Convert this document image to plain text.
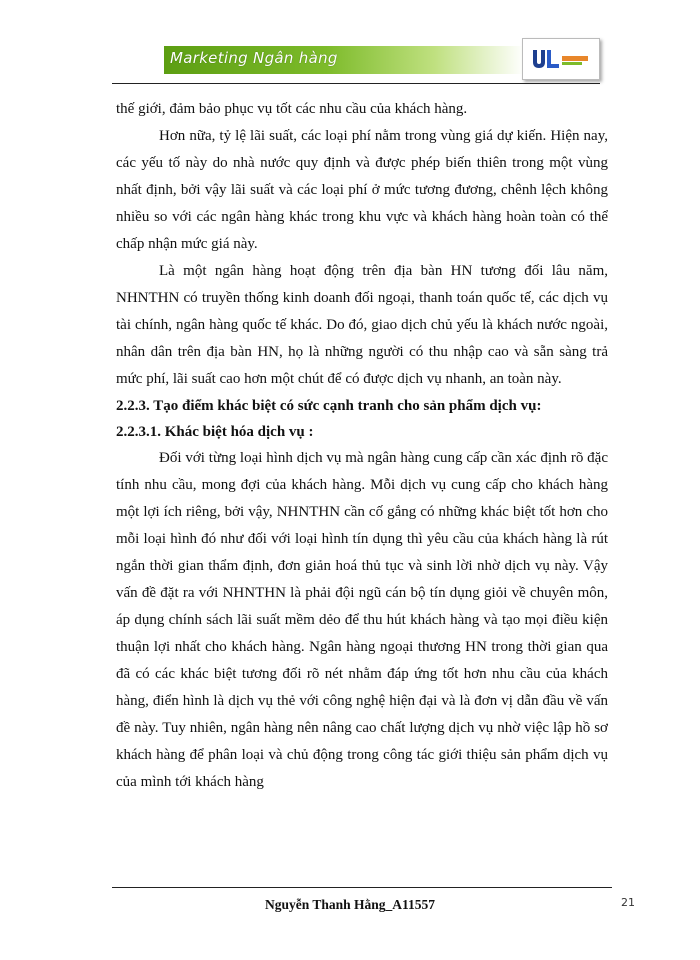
Marketing Ngân hàng

thế giới, đảm bảo phục vụ tốt các nhu cầu của khách hàng.

Hơn nữa, tỷ lệ lãi suất, các loại phí nằm trong vùng giá dự kiến. Hiện nay, các yếu tố này do nhà nước quy định và được phép biến thiên trong một vùng nhất định, bởi vậy lãi suất và các loại phí ở mức tương đương, chênh lệch không nhiều so với các ngân hàng khác trong khu vực và khách hàng hoàn toàn có thể chấp nhận mức giá này.

Là một ngân hàng hoạt động trên địa bàn HN tương đối lâu năm, NHNTHN có truyền thống kinh doanh đối ngoại, thanh toán quốc tế, các dịch vụ tài chính, ngân hàng quốc tế khác. Do đó, giao dịch chủ yếu là khách nước ngoài, nhân dân trên địa bàn HN, họ là những người có thu nhập cao và sẵn sàng trả mức phí, lãi suất cao hơn một chút để có được dịch vụ nhanh, an toàn này.

2.2.3. Tạo điểm khác biệt có sức cạnh tranh cho sản phẩm dịch vụ:

2.2.3.1. Khác biệt hóa dịch vụ :

Đối với từng loại hình dịch vụ mà ngân hàng cung cấp cần xác định rõ đặc tính nhu cầu, mong đợi của khách hàng. Mỗi dịch vụ cung cấp cho khách hàng một lợi ích riêng, bởi vậy, NHNTHN cần cố gắng có những khác biệt tốt hơn cho mỗi loại hình đó như đối với loại hình tín dụng thì yêu cầu của khách hàng là rút ngắn thời gian thẩm định, đơn giản hoá thủ tục và sinh lời nhờ dịch vụ này. Vậy vấn đề đặt ra với NHNTHN là phải đội ngũ cán bộ tín dụng giỏi về chuyên môn, áp dụng chính sách lãi suất mềm dẻo để thu hút khách hàng và tạo mọi điều kiện thuận lợi nhất cho khách hàng. Ngân hàng ngoại thương HN trong thời gian qua đã có các khác biệt tương đối rõ nét nhằm đáp ứng tốt hơn nhu cầu của khách hàng, điển hình là dịch vụ thẻ với công nghệ hiện đại và là đơn vị dẫn đầu về vấn đề này. Tuy nhiên, ngân hàng nên nâng cao chất lượng dịch vụ nhờ việc lập hồ sơ khách hàng để phân loại và chủ động trong công tác giới thiệu sản phẩm dịch vụ của mình tới khách hàng

Nguyễn Thanh Hằng_A11557	21
